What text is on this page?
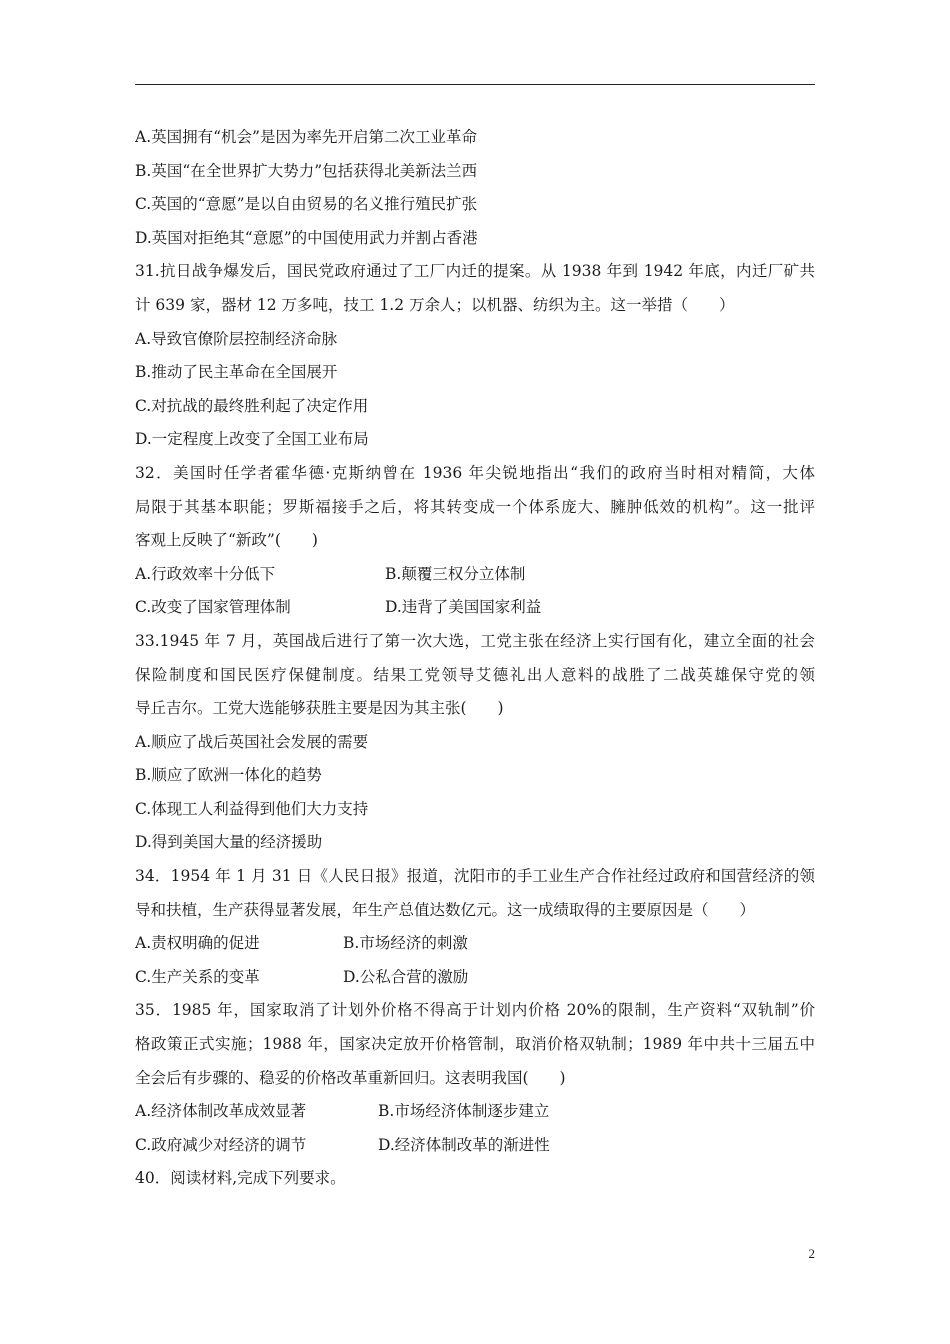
A.英国拥有“机会”是因为率先开启第二次工业革命
B.英国“在全世界扩大势力”包括获得北美新法兰西
C.英国的“意愿”是以自由贸易的名义推行殖民扩张
D.英国对拒绝其“意愿”的中国使用武力并割占香港
31.抗日战争爆发后，国民党政府通过了工厂内迁的提案。从 1938 年到 1942 年底，内迁厂矿共
计 639 家，器材 12 万多吨，技工 1.2 万余人；以机器、纺织为主。这一举措（　　）
A.导致官僚阶层控制经济命脉
B.推动了民主革命在全国展开
C.对抗战的最终胜利起了决定作用
D.一定程度上改变了全国工业布局
32．美国时任学者霍华德·克斯纳曾在 1936 年尖锐地指出“我们的政府当时相对精简，大体
局限于其基本职能；罗斯福接手之后，将其转变成一个体系庞大、臃肿低效的机构”。这一批评
客观上反映了“新政”(　　)
A.行政效率十分低下	B.颠覆三权分立体制
C.改变了国家管理体制	D.违背了美国国家利益
33.1945 年 7 月，英国战后进行了第一次大选，工党主张在经济上实行国有化，建立全面的社会
保险制度和国民医疗保健制度。结果工党领导艾德礼出人意料的战胜了二战英雄保守党的领
导丘吉尔。工党大选能够获胜主要是因为其主张(　　)
A.顺应了战后英国社会发展的需要
B.顺应了欧洲一体化的趋势
C.体现工人利益得到他们大力支持
D.得到美国大量的经济援助
34．1954 年 1 月 31 日《人民日报》报道，沈阳市的手工业生产合作社经过政府和国营经济的领
导和扶植，生产获得显著发展，年生产总值达数亿元。这一成绩取得的主要原因是（　　）
A.责权明确的促进	B.市场经济的刺激
C.生产关系的变革	D.公私合营的激励
35．1985 年，国家取消了计划外价格不得高于计划内价格 20%的限制，生产资料“双轨制”价
格政策正式实施；1988 年，国家决定放开价格管制，取消价格双轨制；1989 年中共十三届五中
全会后有步骤的、稳妥的价格改革重新回归。这表明我国(　　)
A.经济体制改革成效显著	B.市场经济体制逐步建立
C.政府减少对经济的调节	D.经济体制改革的渐进性
40．阅读材料,完成下列要求。
2
